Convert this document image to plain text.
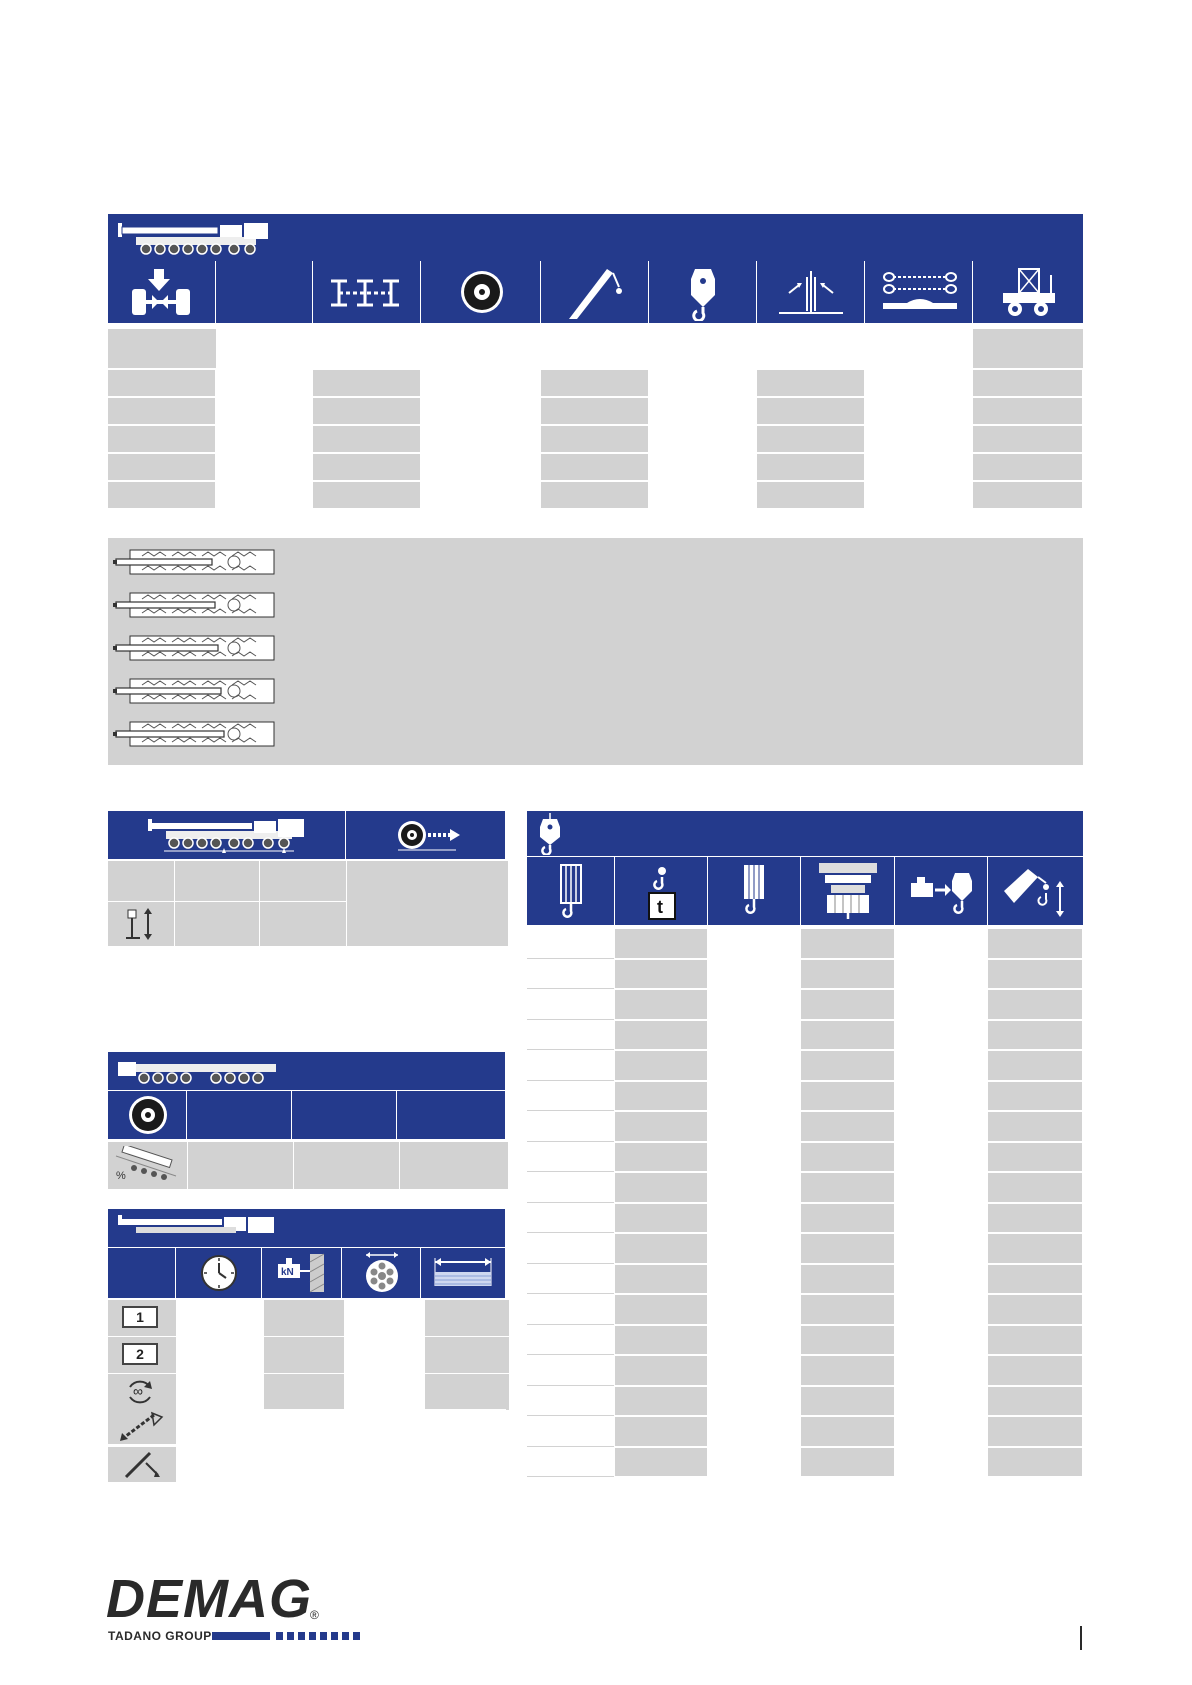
%
kN
1
2
∞
t
DEMAG
®
TADANO GROUP
